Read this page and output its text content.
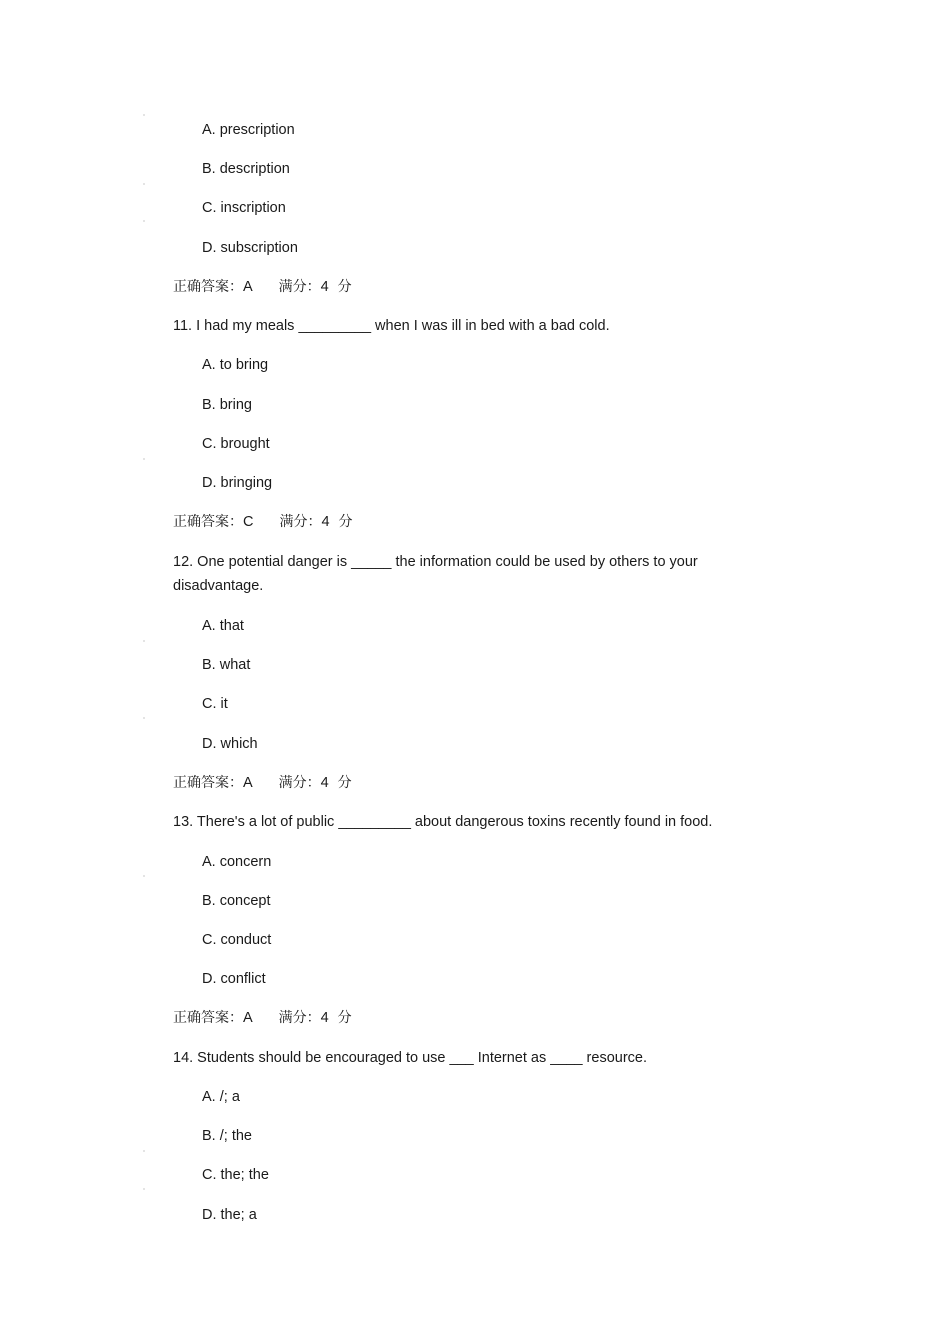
A. prescription
B. description
C. inscription
D. subscription
正确答案：A 满分：4 分
11. I had my meals _________ when I was ill in bed with a bad cold.
A. to bring
B. bring
C. brought
D. bringing
正确答案：C 满分：4 分
12. One potential danger is _____ the information could be used by others to your
disadvantage.
A. that
B. what
C. it
D. which
正确答案：A 满分：4 分
13. There's a lot of public _________ about dangerous toxins recently found in food.
A. concern
B. concept
C. conduct
D. conflict
正确答案：A 满分：4 分
14. Students should be encouraged to use ___ Internet as ____ resource.
A. /; a
B. /; the
C. the; the
D. the; a
